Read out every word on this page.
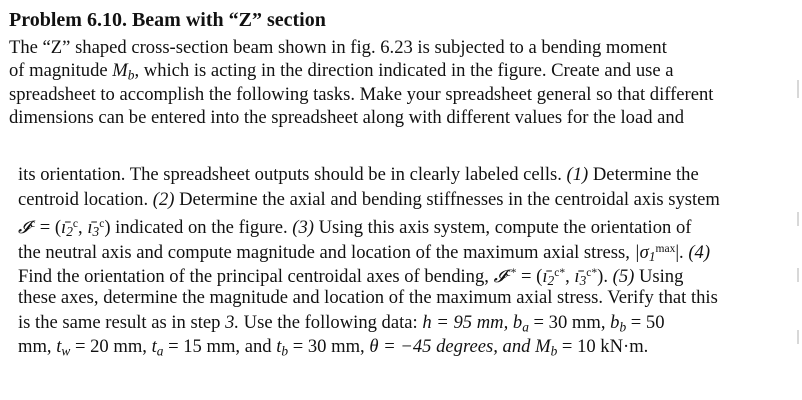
Problem 6.10. Beam with “Z” section
The “Z” shaped cross-section beam shown in fig. 6.23 is subjected to a bending moment
of magnitude $M_b$, which is acting in the direction indicated in the figure. Create and use a
spreadsheet to accomplish the following tasks. Make your spreadsheet general so that different
dimensions can be entered into the spreadsheet along with different values for the load and
its orientation. The spreadsheet outputs should be in clearly labeled cells. (1) Determine the
centroid location. (2) Determine the axial and bending stiffnesses in the centroidal axis system
𝓘$^c$ = ($ı̄_2^c$, $ı̄_3^c$) indicated on the figure. (3) Using this axis system, compute the orientation of
the neutral axis and compute magnitude and location of the maximum axial stress, $|\sigma_1^{max}|$. (4)
Find the orientation of the principal centroidal axes of bending, 𝓘$^{c*}$ = ($ı̄_2^{c*}$, $ı̄_3^{c*}$). (5) Using
these axes, determine the magnitude and location of the maximum axial stress. Verify that this
is the same result as in step 3. Use the following data: h = 95 mm, $b_a = 30$ mm, $b_b = 50$
mm, $t_w = 20$ mm, $t_a = 15$ mm, and $t_b = 30$ mm, θ = −45 degrees, and $M_b = 10$ kN·m.
